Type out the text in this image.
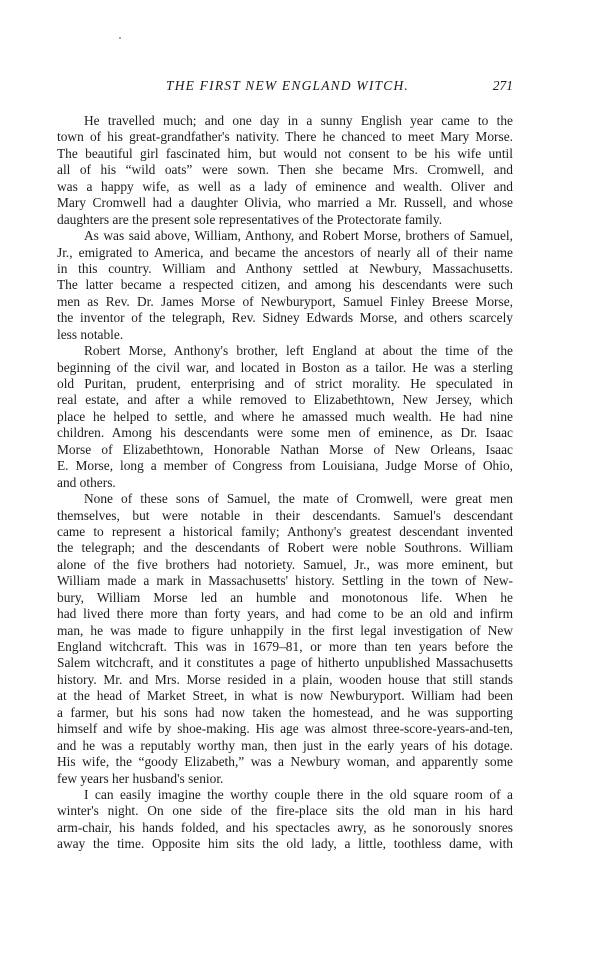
THE FIRST NEW ENGLAND WITCH.	271
He travelled much; and one day in a sunny English year came to the
town of his great-grandfather's nativity. There he chanced to meet Mary Morse.
The beautiful girl fascinated him, but would not consent to be his wife until
all of his “wild oats” were sown. Then she became Mrs. Cromwell, and
was a happy wife, as well as a lady of eminence and wealth. Oliver and
Mary Cromwell had a daughter Olivia, who married a Mr. Russell, and whose
daughters are the present sole representatives of the Protectorate family.
As was said above, William, Anthony, and Robert Morse, brothers of Samuel,
Jr., emigrated to America, and became the ancestors of nearly all of their name
in this country. William and Anthony settled at Newbury, Massachusetts.
The latter became a respected citizen, and among his descendants were such
men as Rev. Dr. James Morse of Newburyport, Samuel Finley Breese Morse,
the inventor of the telegraph, Rev. Sidney Edwards Morse, and others scarcely
less notable.
Robert Morse, Anthony's brother, left England at about the time of the
beginning of the civil war, and located in Boston as a tailor. He was a sterling
old Puritan, prudent, enterprising and of strict morality. He speculated in
real estate, and after a while removed to Elizabethtown, New Jersey, which
place he helped to settle, and where he amassed much wealth. He had nine
children. Among his descendants were some men of eminence, as Dr. Isaac
Morse of Elizabethtown, Honorable Nathan Morse of New Orleans, Isaac
E. Morse, long a member of Congress from Louisiana, Judge Morse of Ohio,
and others.
None of these sons of Samuel, the mate of Cromwell, were great men
themselves, but were notable in their descendants. Samuel's descendant
came to represent a historical family; Anthony's greatest descendant invented
the telegraph; and the descendants of Robert were noble Southrons. William
alone of the five brothers had notoriety. Samuel, Jr., was more eminent, but
William made a mark in Massachusetts' history. Settling in the town of New-
bury, William Morse led an humble and monotonous life. When he
had lived there more than forty years, and had come to be an old and infirm
man, he was made to figure unhappily in the first legal investigation of New
England witchcraft. This was in 1679–81, or more than ten years before the
Salem witchcraft, and it constitutes a page of hitherto unpublished Massachusetts
history. Mr. and Mrs. Morse resided in a plain, wooden house that still stands
at the head of Market Street, in what is now Newburyport. William had been
a farmer, but his sons had now taken the homestead, and he was supporting
himself and wife by shoe-making. His age was almost three-score-years-and-ten,
and he was a reputably worthy man, then just in the early years of his dotage.
His wife, the “goody Elizabeth,” was a Newbury woman, and apparently some
few years her husband's senior.
I can easily imagine the worthy couple there in the old square room of a
winter's night. On one side of the fire-place sits the old man in his hard
arm-chair, his hands folded, and his spectacles awry, as he sonorously snores
away the time. Opposite him sits the old lady, a little, toothless dame, with
